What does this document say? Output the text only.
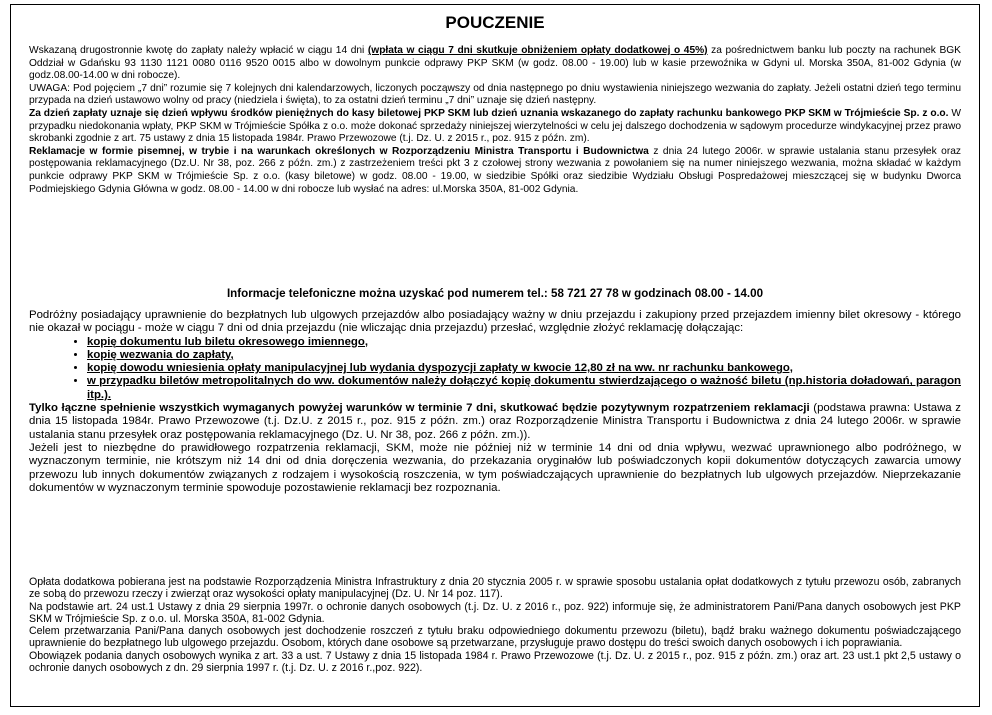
POUCZENIE

Wskazaną drugostronnie kwotę do zapłaty należy wpłacić w ciągu 14 dni (wpłata w ciągu 7 dni skutkuje obniżeniem opłaty dodatkowej o 45%) za pośrednictwem banku lub poczty na rachunek BGK Oddział w Gdańsku 93 1130 1121 0080 0116 9520 0015 albo w dowolnym punkcie odprawy PKP SKM (w godz. 08.00 - 19.00) lub w kasie przewoźnika w Gdyni ul. Morska 350A, 81-002 Gdynia (w godz.08.00-14.00 w dni robocze).

UWAGA: Pod pojęciem „7 dni” rozumie się 7 kolejnych dni kalendarzowych, liczonych począwszy od dnia następnego po dniu wystawienia niniejszego wezwania do zapłaty. Jeżeli ostatni dzień tego terminu przypada na dzień ustawowo wolny od pracy (niedziela i święta), to za ostatni dzień terminu „7 dni” uznaje się dzień następny.

Za dzień zapłaty uznaje się dzień wpływu środków pieniężnych do kasy biletowej PKP SKM lub dzień uznania wskazanego do zapłaty rachunku bankowego PKP SKM w Trójmieście Sp. z o.o. W przypadku niedokonania wpłaty, PKP SKM w Trójmieście Spółka z o.o. może dokonać sprzedaży niniejszej wierzytelności w celu jej dalszego dochodzenia w sądowym procedurze windykacyjnej przez prawo skrobanki zgodnie z art. 75 ustawy z dnia 15 listopada 1984r. Prawo Przewozowe (t.j. Dz. U. z 2015 r., poz. 915 z późn. zm).

Reklamacje w formie pisemnej, w trybie i na warunkach określonych w Rozporządzeniu Ministra Transportu i Budownictwa z dnia 24 lutego 2006r. w sprawie ustalania stanu przesyłek oraz postępowania reklamacyjnego (Dz.U. Nr 38, poz. 266 z późn. zm.) z zastrzeżeniem treści pkt 3 z czołowej strony wezwania z powołaniem się na numer niniejszego wezwania, można składać w każdym punkcie odprawy PKP SKM w Trójmieście Sp. z o.o. (kasy biletowe) w godz. 08.00 - 19.00, w siedzibie Spółki oraz siedzibie Wydziału Obsługi Pospredażowej mieszczącej się w budynku Dworca Podmiejskiego Gdynia Główna w godz. 08.00 - 14.00 w dni robocze lub wysłać na adres: ul.Morska 350A, 81-002 Gdynia.

Informacje telefoniczne można uzyskać pod numerem tel.: 58 721 27 78 w godzinach 08.00 - 14.00

Podróżny posiadający uprawnienie do bezpłatnych lub ulgowych przejazdów albo posiadający ważny w dniu przejazdu i zakupiony przed przejazdem imienny bilet okresowy - którego nie okazał w pociągu - może w ciągu 7 dni od dnia przejazdu (nie wliczając dnia przejazdu) przesłać, względnie złożyć reklamację dołączając:

• kopię dokumentu lub biletu okresowego imiennego,
• kopię wezwania do zapłaty,
• kopię dowodu wniesienia opłaty manipulacyjnej lub wydania dyspozycji zapłaty w kwocie 12,80 zł na ww. nr rachunku bankowego,
• w przypadku biletów metropolitalnych do ww. dokumentów należy dołączyć kopię dokumentu stwierdzającego o ważność biletu (np.historia doładowań, paragon itp.).

Tylko łączne spełnienie wszystkich wymaganych powyżej warunków w terminie 7 dni, skutkować będzie pozytywnym rozpatrzeniem reklamacji (podstawa prawna: Ustawa z dnia 15 listopada 1984r. Prawo Przewozowe (t.j. Dz.U. z 2015 r., poz. 915 z późn. zm.) oraz Rozporządzenie Ministra Transportu i Budownictwa z dnia 24 lutego 2006r. w sprawie ustalania stanu przesyłek oraz postępowania reklamacyjnego (Dz. U. Nr 38, poz. 266 z późn. zm.)).

Jeżeli jest to niezbędne do prawidłowego rozpatrzenia reklamacji, SKM, może nie później niż w terminie 14 dni od dnia wpływu, wezwać uprawnionego albo podróżnego, w wyznaczonym terminie, nie krótszym niż 14 dni od dnia doręczenia wezwania, do przekazania oryginałów lub poświadczonych kopii dokumentów dotyczących zawarcia umowy przewozu lub innych dokumentów związanych z rodzajem i wysokością roszczenia, w tym poświadczających uprawnienie do bezpłatnych lub ulgowych przejazdów. Nieprzekazanie dokumentów w wyznaczonym terminie spowoduje pozostawienie reklamacji bez rozpoznania.

Opłata dodatkowa pobierana jest na podstawie Rozporządzenia Ministra Infrastruktury z dnia 20 stycznia 2005 r. w sprawie sposobu ustalania opłat dodatkowych z tytułu przewozu osób, zabranych ze sobą do przewozu rzeczy i zwierząt oraz wysokości opłaty manipulacyjnej (Dz. U. Nr 14 poz. 117).

Na podstawie art. 24 ust.1 Ustawy z dnia 29 sierpnia 1997r. o ochronie danych osobowych (t.j. Dz. U. z 2016 r., poz. 922) informuje się, że administratorem Pani/Pana danych osobowych jest PKP SKM w Trójmieście Sp. z o.o. ul. Morska 350A, 81-002 Gdynia.

Celem przetwarzania Pani/Pana danych osobowych jest dochodzenie roszczeń z tytułu braku odpowiedniego dokumentu przewozu (biletu), bądź braku ważnego dokumentu poświadczającego uprawnienie do bezpłatnego lub ulgowego przejazdu. Osobom, których dane osobowe są przetwarzane, przysługuje prawo dostępu do treści swoich danych osobowych i ich poprawiania.

Obowiązek podania danych osobowych wynika z art. 33 a ust. 7 Ustawy z dnia 15 listopada 1984 r. Prawo Przewozowe (t.j. Dz. U. z 2015 r., poz. 915 z późn. zm.) oraz art. 23 ust.1 pkt 2,5 ustawy o ochronie danych osobowych z dn. 29 sierpnia 1997 r. (t.j. Dz. U. z 2016 r.,poz. 922).
